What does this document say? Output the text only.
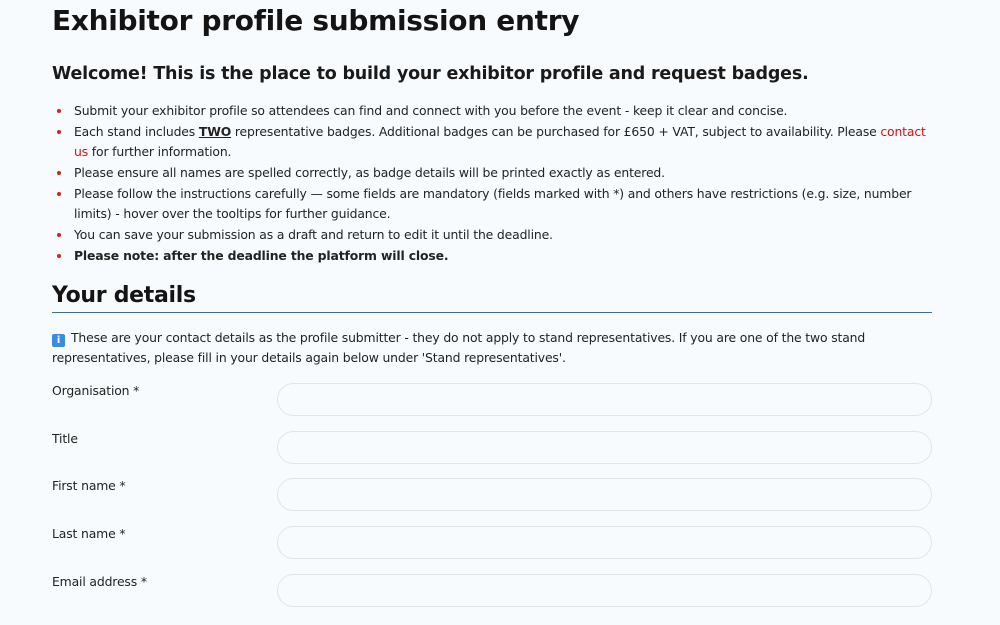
Exhibitor profile submission entry
Welcome! This is the place to build your exhibitor profile and request badges.
Submit your exhibitor profile so attendees can find and connect with you before the event - keep it clear and concise.
Each stand includes TWO representative badges. Additional badges can be purchased for £650 + VAT, subject to availability. Please contact us for further information.
Please ensure all names are spelled correctly, as badge details will be printed exactly as entered.
Please follow the instructions carefully — some fields are mandatory (fields marked with *) and others have restrictions (e.g. size, number limits) - hover over the tooltips for further guidance.
You can save your submission as a draft and return to edit it until the deadline.
Please note: after the deadline the platform will close.
Your details
i These are your contact details as the profile submitter - they do not apply to stand representatives. If you are one of the two stand representatives, please fill in your details again below under 'Stand representatives'.
Organisation *
Title
First name *
Last name *
Email address *
